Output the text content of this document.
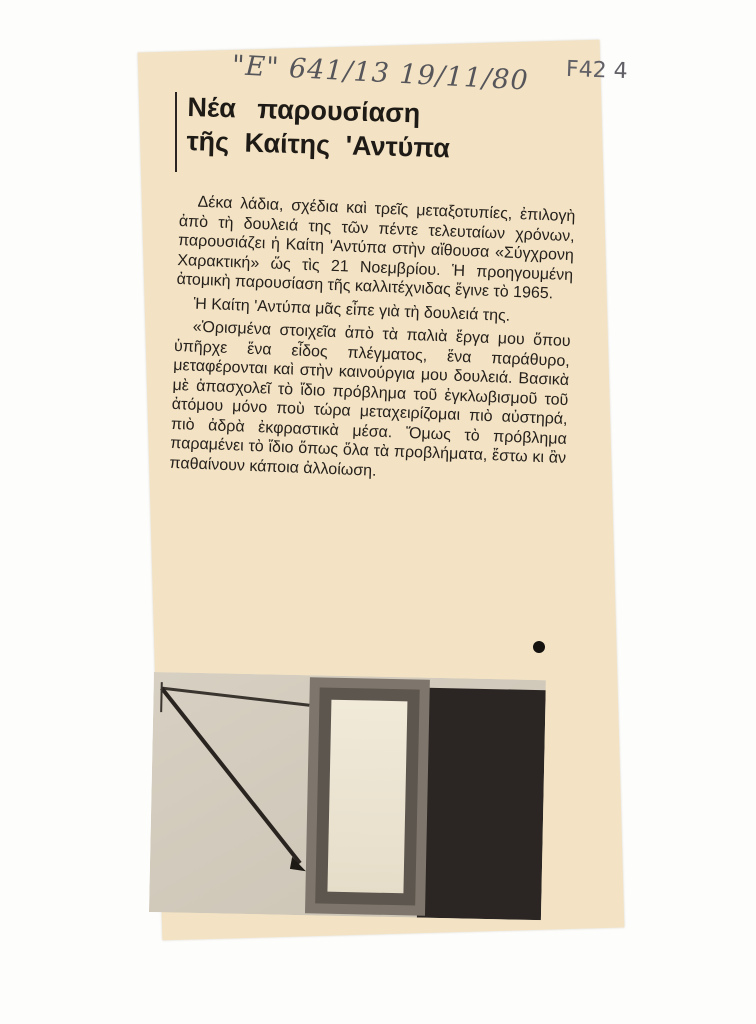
"E" 641/13 19/11/80 F42 4
Νέα παρουσίαση
τῆς Καίτης 'Αντύπα

Δέκα λάδια, σχέδια καὶ τρεῖς μεταξοτυπίες, ἐπιλογὴ ἀπὸ τὴ δουλειά της τῶν πέντε τελευταίων χρόνων, παρουσιάζει ἡ Καίτη 'Αντύπα στὴν αἴθουσα «Σύγχρονη Χαρακτική» ὥς τὶς 21 Νοεμβρίου. Ἡ προηγουμένη ἀτομικὴ παρουσίαση τῆς καλλιτέχνιδας ἔγινε τὸ 1965.

Ἡ Καίτη 'Αντύπα μᾶς εἶπε γιὰ τὴ δουλειά της.

«Ὁρισμένα στοιχεῖα ἀπὸ τὰ παλιὰ ἔργα μου ὅπου ὑπῆρχε ἕνα εἶδος πλέγματος, ἕνα παράθυρο, μεταφέρονται καὶ στὴν καινούργια μου δουλειά. Βασικὰ μὲ ἀπασχολεῖ τὸ ἴδιο πρόβλημα τοῦ ἐγκλωβισμοῦ τοῦ ἀτόμου μόνο ποὺ τώρα μεταχειρίζομαι πιὸ αὐστηρά, πιὸ ἀδρὰ ἐκφραστικὰ μέσα. Ὅμως τὸ πρόβλημα παραμένει τὸ ἴδιο ὅπως ὅλα τὰ προβλήματα, ἔστω κι ἂν παθαίνουν κάποια ἀλλοίωση.
